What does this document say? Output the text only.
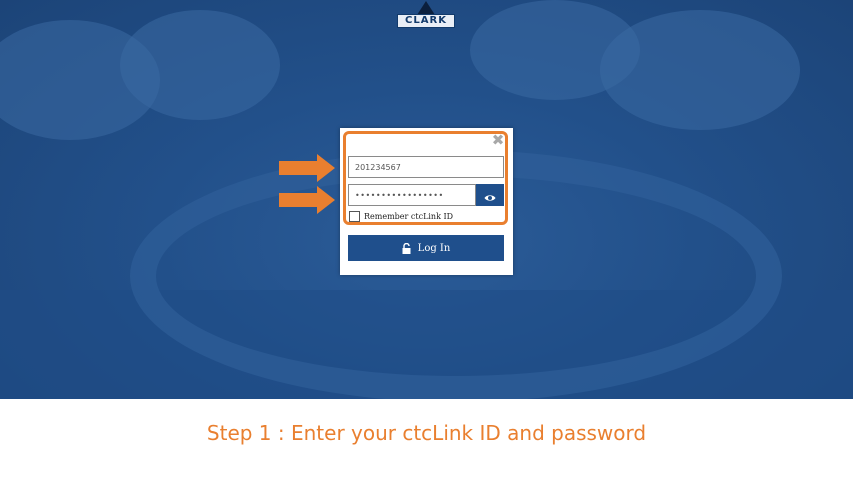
CLARK
✖
201234567
•••••••••••••••••
Remember ctcLink ID
Log In
Step 1 : Enter your ctcLink ID and password
